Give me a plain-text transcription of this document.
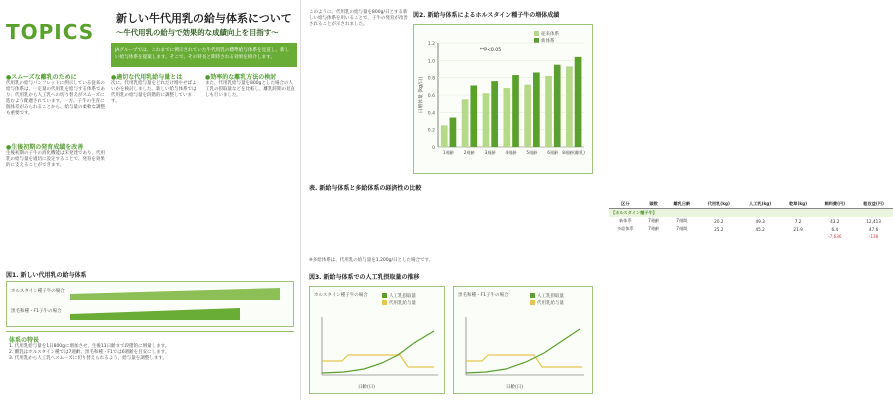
TOPICS
新しい牛代用乳の給与体系について
〜牛代用乳の給与で効果的な成績向上を目指す〜
JAグループでは、これまでに例示されていた牛代用乳の標準給与体系を見直し、新しい給与体系を提案します。そこで、その特長と期待される効果を紹介します。
●スムーズな離乳のために
代用乳の給与パンフレットに例示している従来の給与体系は、一定量の代用乳を給与する体系であり、代用乳から人工乳への切り替えがスムーズに進むよう配慮されています。一方、子牛の生育に個体差がみられることから、給与量の柔軟な調整も重要です。
●生後初期の発育成績を改善
生後初期の子牛の消化機能は未発達であり、代用乳の給与量を適切に設定することで、発育を効果的に支えることができます。
●適切な代用乳給与量とは
次に、代用乳給与量をどれだけ増やせばよいかを検討しました。新しい給与体系では代用乳の給与量を段階的に調整しています。
●効率的な離乳方法の検討
また、代用乳給与量を800gとした場合の人工乳の摂取量などを比較し、離乳時期の見直しも行いました。
図1. 新しい代用乳の給与体系
ホルスタイン種子牛の場合
黒毛和種・F1子牛の場合
体系の特長
1. 代用乳給与量を1日800gに増加させ、生後11日齢まで段階的に増量します。
2. 離乳はホルスタイン種では7週齢、黒毛和種・F1では6週齢を目安にします。
3. 代用乳から人工乳へスムーズに切り替えられるよう、給与量を調整します。
このように、代用乳の給与量を800g/日とする新しい給与体系を用いることで、子牛の発育が改善されることが示されました。
図2. 新給与体系によるホルスタイン種子牛の増体成績
従来体系
新体系
0
0.2
0.4
0.6
0.8
1.0
1.2
日増体量 (kg/日)
1週齢 2週齢 3週齢 4週齢 5週齢 6週齢 8週齢(離乳)
**P<0.05
表. 新給与体系と多給体系の経済性の比較
区分	頭数	離乳日齢	代用乳(kg)	人工乳(kg)	乾草(kg)	飼料費(円)	粗収益(円)
【ホルスタイン種子牛】							
新体系	7週齢	7週間	20.2	49.3	7.2	43.2	12,413
多給体系	7週齢	7週間	25.2	45.2	21.9	6.4	47.6
						-7,636	-138
※多給体系は、代用乳の給与量を1,200g/日とした場合です。
図3. 新給与体系での人工乳摂取量の推移
ホルスタイン種子牛の場合	人工乳摂取量
代用乳給与量
日齢(日)
黒毛和種・F1子牛の場合	人工乳摂取量
代用乳給与量
日齢(日)
